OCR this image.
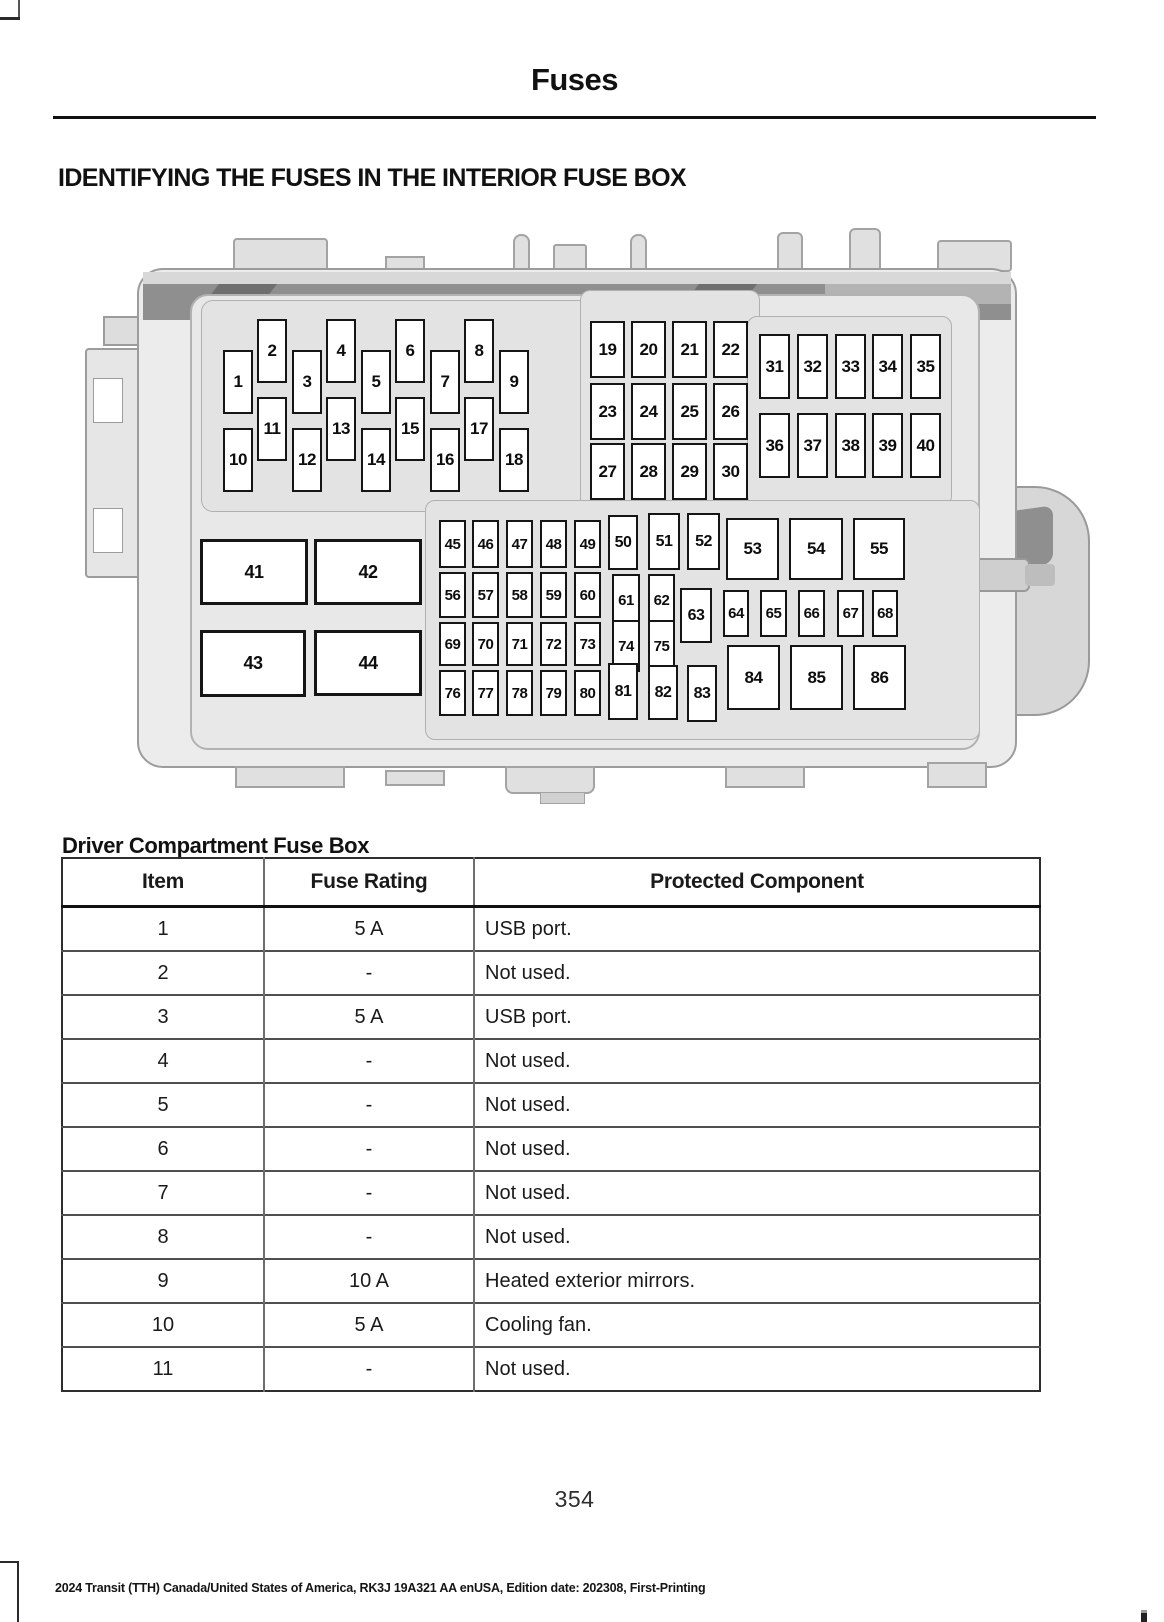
Fuses
IDENTIFYING THE FUSES IN THE INTERIOR FUSE BOX
1
2
3
4
5
6
7
8
9
10
11
12
13
14
15
16
17
18
19	20	21	22
23	24	25	26
27	28	29	30
31	32	33	34	35
36	37	38	39	40
41	42
43	44
45	46	47	48	49	50	51	52	53	54	55
56	57	58	59	60	61	62
63	64	65	66	67	68
69	70	71	72	73	74	75
76	77	78	79	80	81	82	83
84	85	86
Driver Compartment Fuse Box
Item	Fuse Rating	Protected Component
1	5 A	USB port.
2	-	Not used.
3	5 A	USB port.
4	-	Not used.
5	-	Not used.
6	-	Not used.
7	-	Not used.
8	-	Not used.
9	10 A	Heated exterior mirrors.
10	5 A	Cooling fan.
11	-	Not used.
354
2024 Transit (TTH) Canada/United States of America, RK3J 19A321 AA enUSA, Edition date: 202308, First-Printing
